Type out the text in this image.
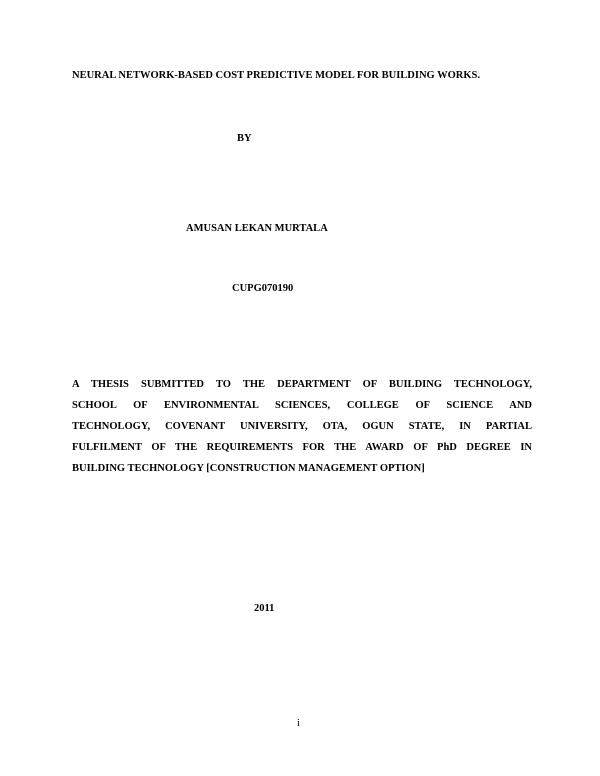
NEURAL NETWORK-BASED COST PREDICTIVE MODEL FOR BUILDING WORKS.
BY
AMUSAN LEKAN MURTALA
CUPG070190
A THESIS SUBMITTED TO THE DEPARTMENT OF BUILDING TECHNOLOGY,
SCHOOL OF ENVIRONMENTAL SCIENCES, COLLEGE OF SCIENCE AND
TECHNOLOGY, COVENANT UNIVERSITY, OTA, OGUN STATE, IN PARTIAL
FULFILMENT OF THE REQUIREMENTS FOR THE AWARD OF PhD DEGREE IN
BUILDING TECHNOLOGY [CONSTRUCTION MANAGEMENT OPTION]
2011
i
